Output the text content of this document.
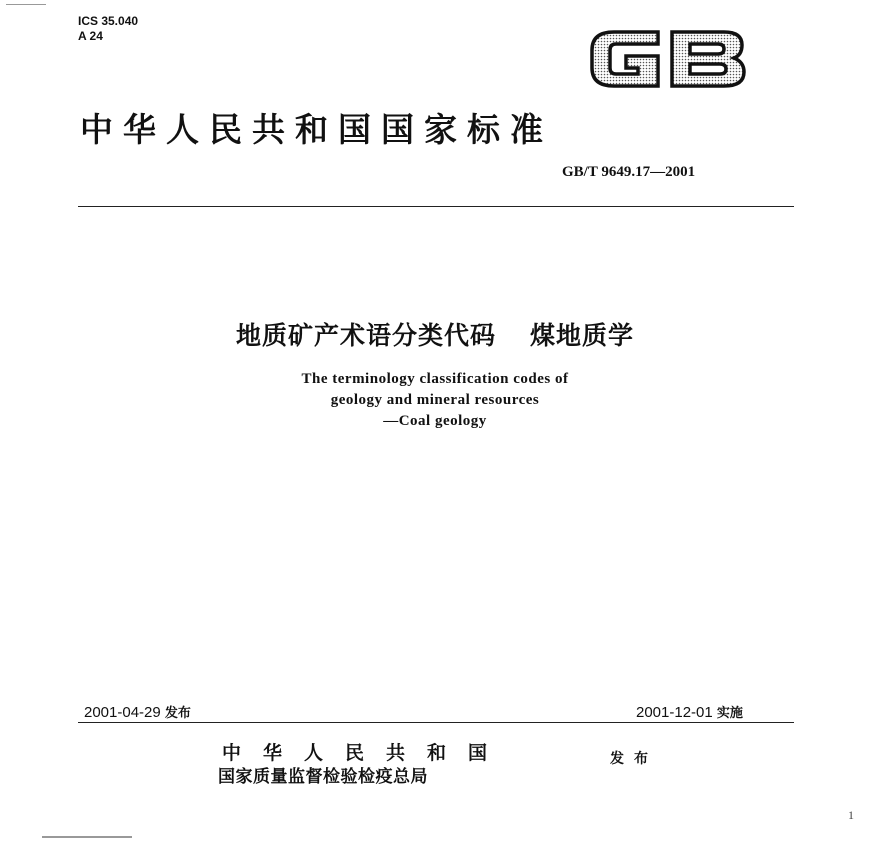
ICS 35.040
A 24
中华人民共和国国家标准
GB/T 9649.17—2001
地质矿产术语分类代码 煤地质学
The terminology classification codes of
geology and mineral resources
—Coal geology
2001-04-29 发布	2001-12-01 实施
中华人民共和国
国家质量监督检验检疫总局
发布
1
